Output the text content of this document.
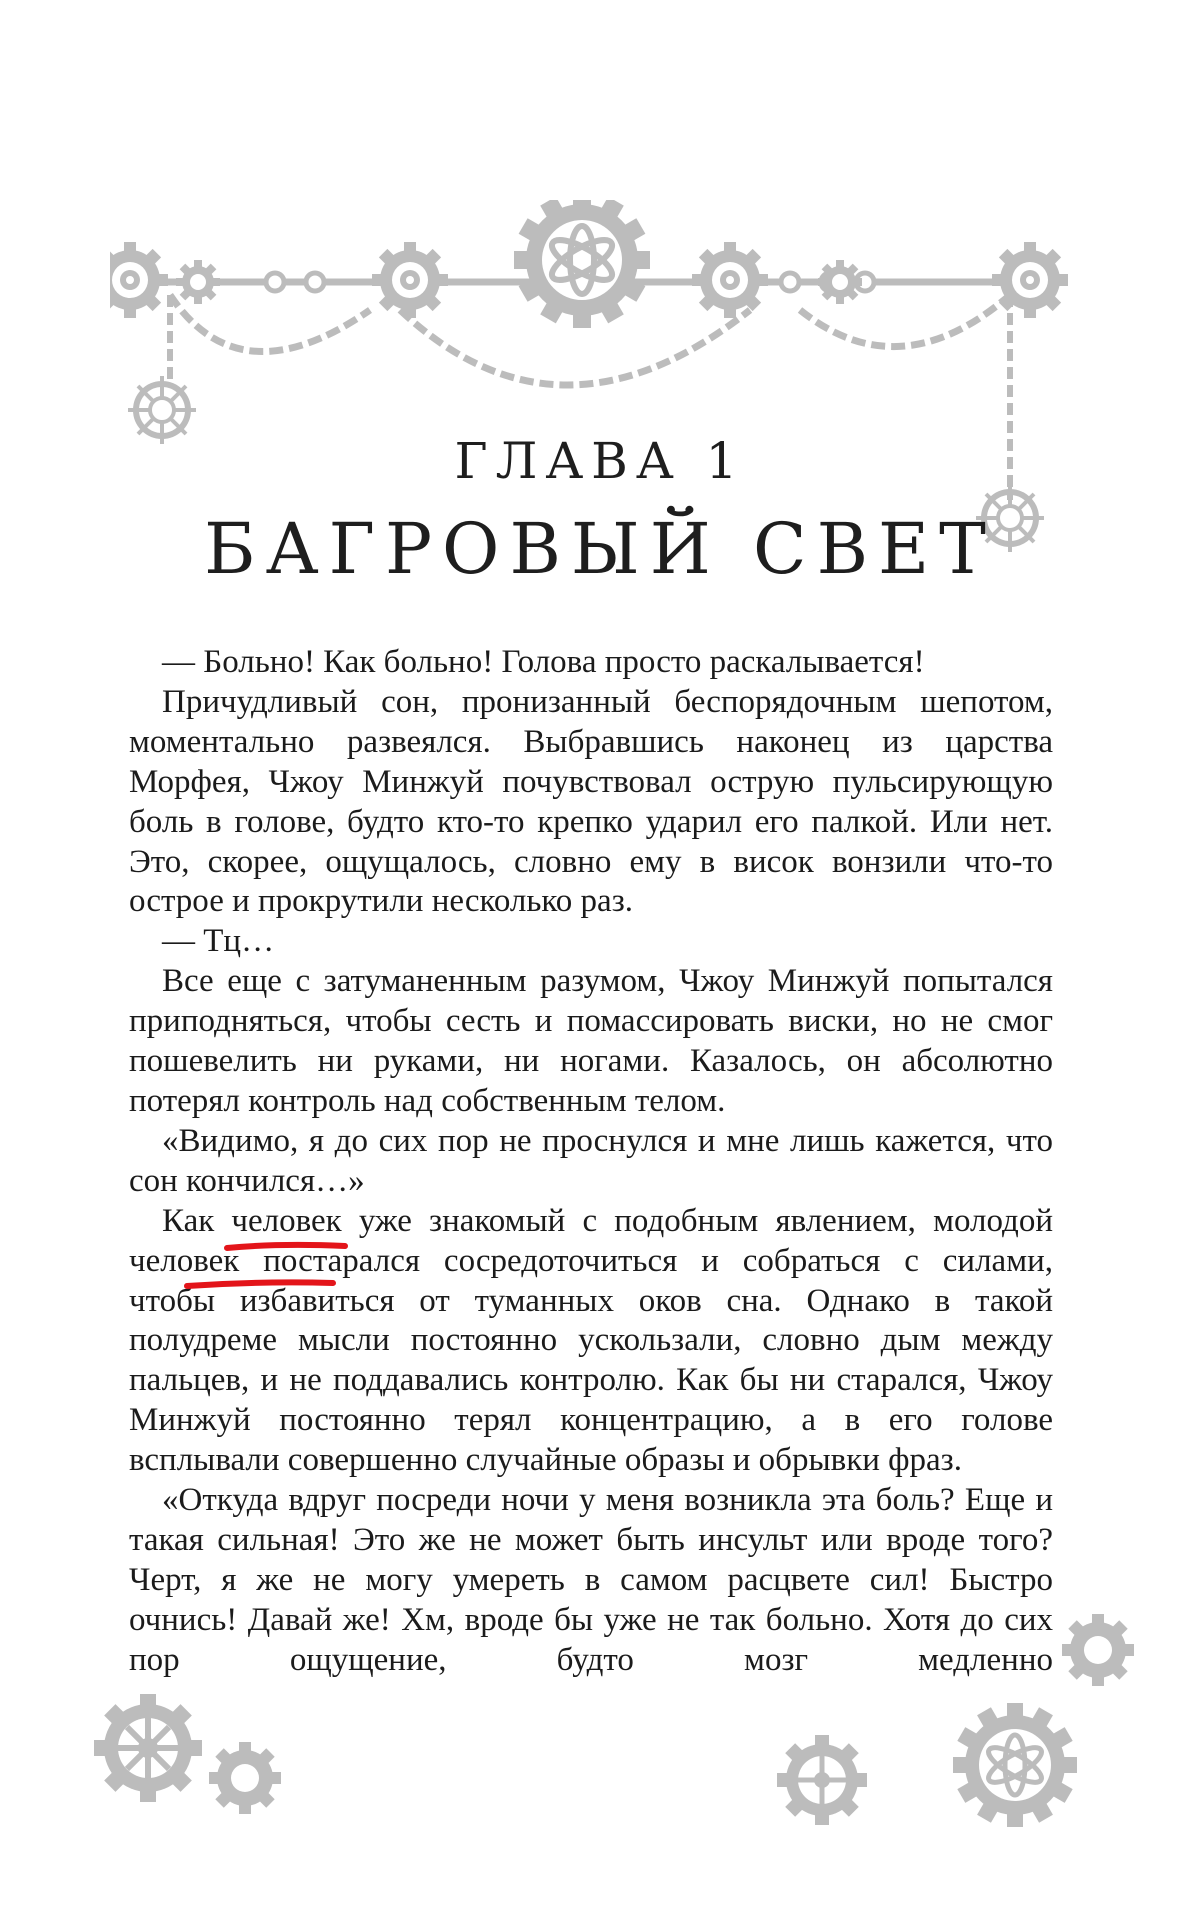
ГЛАВА 1
БАГРОВЫЙ СВЕТ

— Больно! Как больно! Голова просто раскалывается!

Причудливый сон, пронизанный беспорядочным шепотом, моментально развеялся. Выбравшись наконец из царства Морфея, Чжоу Минжуй почувствовал острую пульсирующую боль в голове, будто кто-то крепко ударил его палкой. Или нет. Это, скорее, ощущалось, словно ему в висок вонзили что-то острое и прокрутили несколько раз.

— Тц…

Все еще с затуманенным разумом, Чжоу Минжуй попытался приподняться, чтобы сесть и помассировать виски, но не смог пошевелить ни руками, ни ногами. Казалось, он абсолютно потерял контроль над собственным телом.

«Видимо, я до сих пор не проснулся и мне лишь кажется, что сон кончился…»

Как человек уже знакомый с подобным явлением, молодой человек постарался сосредоточиться и собраться с силами, чтобы избавиться от туманных оков сна. Однако в такой полудреме мысли постоянно ускользали, словно дым между пальцев, и не поддавались контролю. Как бы ни старался, Чжоу Минжуй постоянно терял концентрацию, а в его голове всплывали совершенно случайные образы и обрывки фраз.

«Откуда вдруг посреди ночи у меня возникла эта боль? Еще и такая сильная! Это же не может быть инсульт или вроде того? Черт, я же не могу умереть в самом расцвете сил! Быстро очнись! Давай же! Хм, вроде бы уже не так больно. Хотя до сих пор ощущение, будто мозг медленно
